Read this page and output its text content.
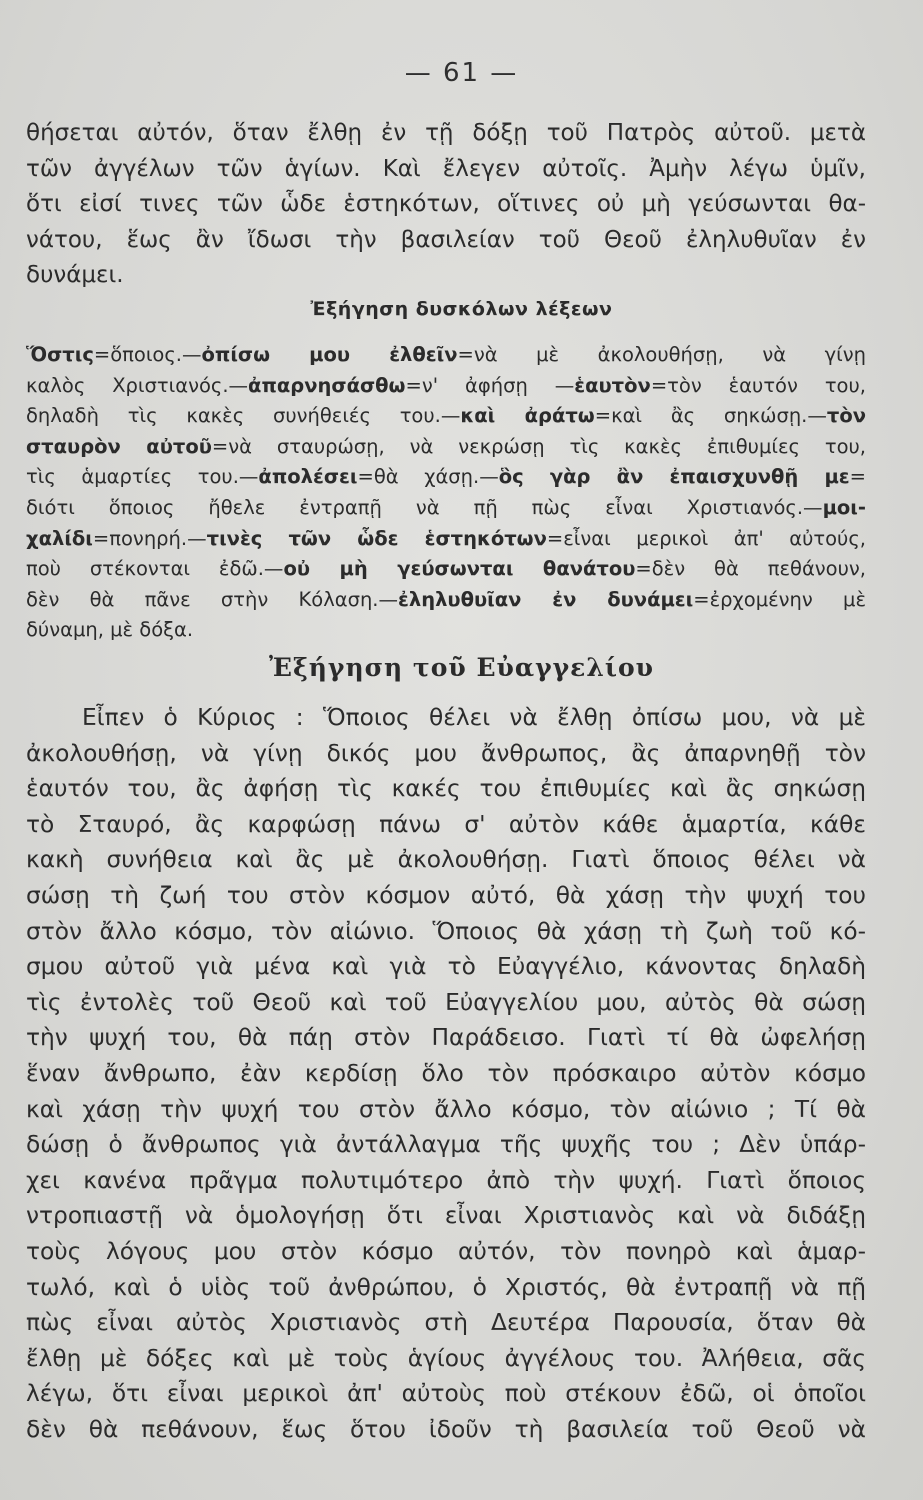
— 61 —
θήσεται αὐτόν, ὅταν ἔλθῃ ἐν τῇ δόξῃ τοῦ Πατρὸς αὐτοῦ. μετὰ
τῶν ἀγγέλων τῶν ἁγίων. Καὶ ἔλεγεν αὐτοῖς. Ἀμὴν λέγω ὑμῖν,
ὅτι εἰσί τινες τῶν ὧδε ἑστηκότων, οἵτινες οὐ μὴ γεύσωνται θα-
νάτου, ἕως ἂν ἴδωσι τὴν βασιλείαν τοῦ Θεοῦ ἐληλυθυῖαν ἐν
δυνάμει.
Ἐξήγηση δυσκόλων λέξεων
Ὅστις=ὅποιος.—ὀπίσω μου ἐλθεῖν=νὰ μὲ ἀκολουθήσῃ, νὰ γίνῃ
καλὸς Χριστιανός.—ἀπαρνησάσθω=ν' ἀφήσῃ —ἑαυτὸν=τὸν ἑαυτόν του,
δηλαδὴ τὶς κακὲς συνήθειές του.—καὶ ἀράτω=καὶ ἂς σηκώσῃ.—τὸν
σταυρὸν αὐτοῦ=νὰ σταυρώσῃ, νὰ νεκρώσῃ τὶς κακὲς ἐπιθυμίες του,
τὶς ἁμαρτίες του.—ἀπολέσει=θὰ χάσῃ.—ὃς γὰρ ἂν ἐπαισχυνθῇ με=
διότι ὅποιος ἤθελε ἐντραπῇ νὰ πῇ πὼς εἶναι Χριστιανός.—μοι-
χαλίδι=πονηρή.—τινὲς τῶν ὧδε ἑστηκότων=εἶναι μερικοὶ ἀπ' αὐτούς,
ποὺ στέκονται ἐδῶ.—οὐ μὴ γεύσωνται θανάτου=δὲν θὰ πεθάνουν,
δὲν θὰ πᾶνε στὴν Κόλαση.—ἐληλυθυῖαν ἐν δυνάμει=ἐρχομένην μὲ
δύναμη, μὲ δόξα.
Ἐξήγηση τοῦ Εὐαγγελίου
Εἶπεν ὁ Κύριος : Ὅποιος θέλει νὰ ἔλθῃ ὀπίσω μου, νὰ μὲ
ἀκολουθήσῃ, νὰ γίνῃ δικός μου ἄνθρωπος, ἂς ἀπαρνηθῇ τὸν
ἑαυτόν του, ἂς ἀφήσῃ τὶς κακές του ἐπιθυμίες καὶ ἂς σηκώσῃ
τὸ Σταυρό, ἂς καρφώσῃ πάνω σ' αὐτὸν κάθε ἁμαρτία, κάθε
κακὴ συνήθεια καὶ ἂς μὲ ἀκολουθήσῃ. Γιατὶ ὅποιος θέλει νὰ
σώσῃ τὴ ζωή του στὸν κόσμον αὐτό, θὰ χάσῃ τὴν ψυχή του
στὸν ἄλλο κόσμο, τὸν αἰώνιο. Ὅποιος θὰ χάσῃ τὴ ζωὴ τοῦ κό-
σμου αὐτοῦ γιὰ μένα καὶ γιὰ τὸ Εὐαγγέλιο, κάνοντας δηλαδὴ
τὶς ἐντολὲς τοῦ Θεοῦ καὶ τοῦ Εὐαγγελίου μου, αὐτὸς θὰ σώσῃ
τὴν ψυχή του, θὰ πάῃ στὸν Παράδεισο. Γιατὶ τί θὰ ὠφελήσῃ
ἕναν ἄνθρωπο, ἐὰν κερδίσῃ ὅλο τὸν πρόσκαιρο αὐτὸν κόσμο
καὶ χάσῃ τὴν ψυχή του στὸν ἄλλο κόσμο, τὸν αἰώνιο ; Τί θὰ
δώσῃ ὁ ἄνθρωπος γιὰ ἀντάλλαγμα τῆς ψυχῆς του ; Δὲν ὑπάρ-
χει κανένα πρᾶγμα πολυτιμότερο ἀπὸ τὴν ψυχή. Γιατὶ ὅποιος
ντροπιαστῇ νὰ ὁμολογήσῃ ὅτι εἶναι Χριστιανὸς καὶ νὰ διδάξῃ
τοὺς λόγους μου στὸν κόσμο αὐτόν, τὸν πονηρὸ καὶ ἁμαρ-
τωλό, καὶ ὁ υἱὸς τοῦ ἀνθρώπου, ὁ Χριστός, θὰ ἐντραπῇ νὰ πῇ
πὼς εἶναι αὐτὸς Χριστιανὸς στὴ Δευτέρα Παρουσία, ὅταν θὰ
ἔλθῃ μὲ δόξες καὶ μὲ τοὺς ἁγίους ἀγγέλους του. Ἀλήθεια, σᾶς
λέγω, ὅτι εἶναι μερικοὶ ἀπ' αὐτοὺς ποὺ στέκουν ἐδῶ, οἱ ὁποῖοι
δὲν θὰ πεθάνουν, ἕως ὅτου ἰδοῦν τὴ βασιλεία τοῦ Θεοῦ νὰ
